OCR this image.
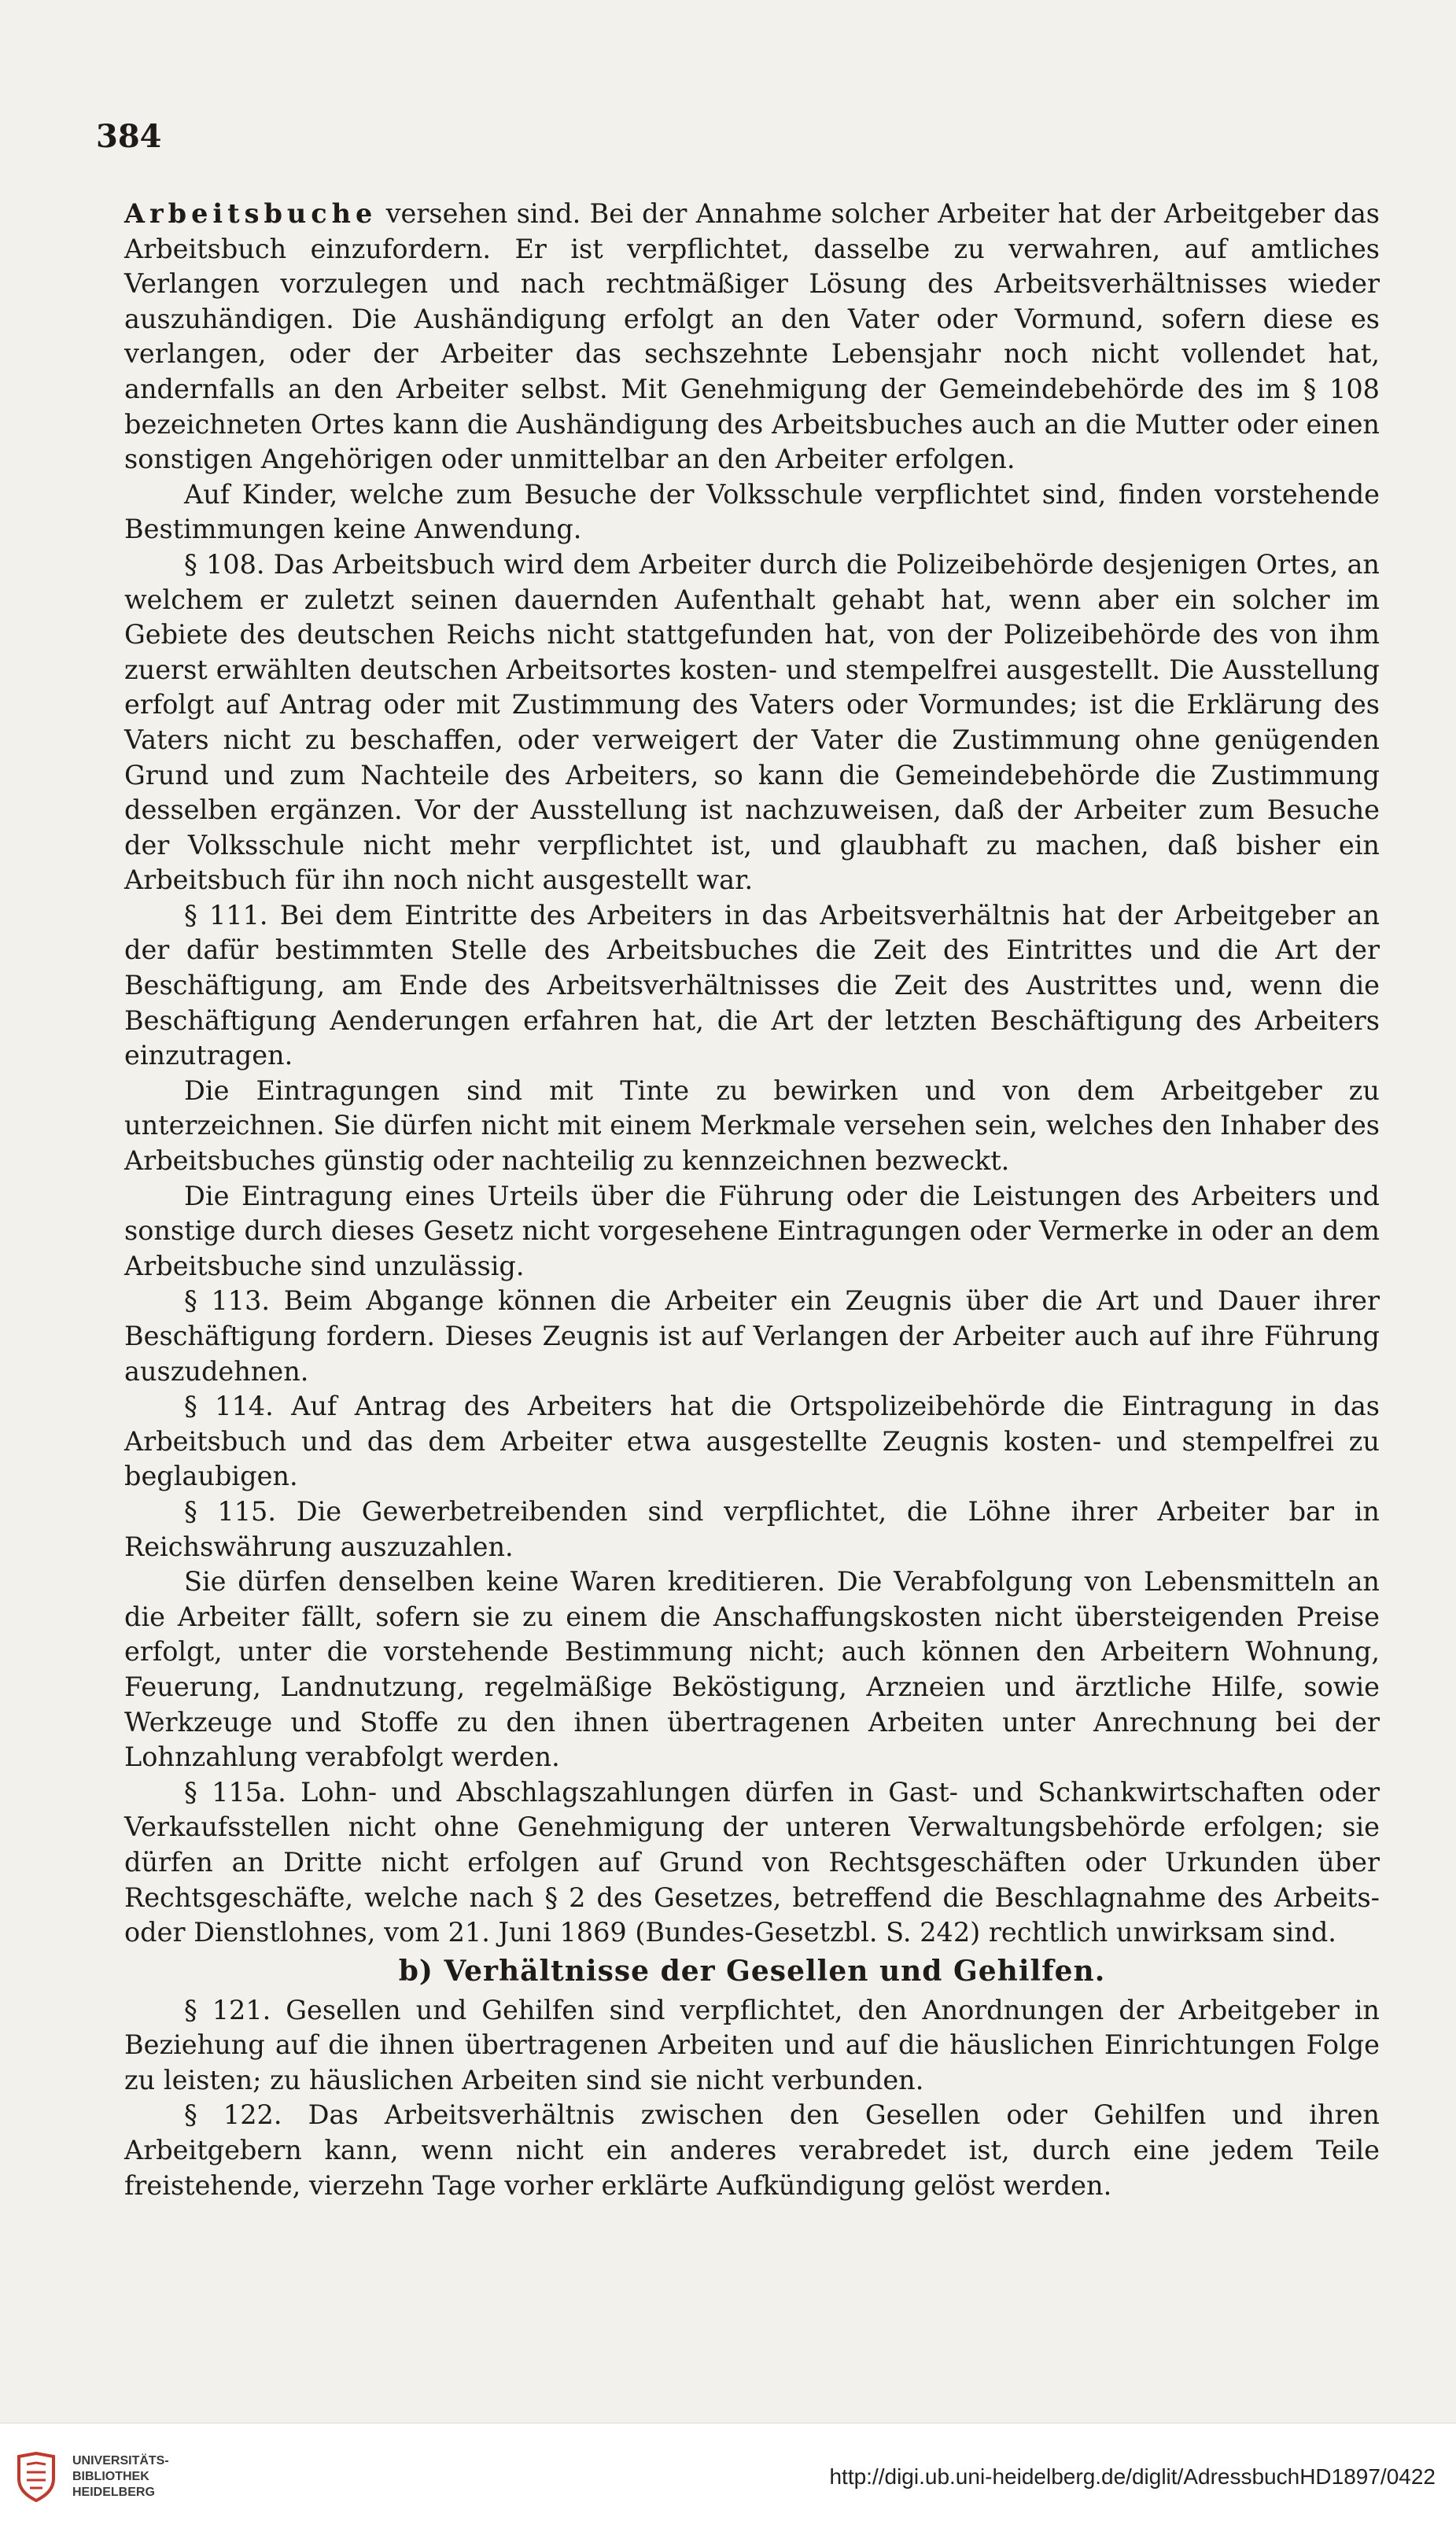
384

Arbeitsbuche versehen sind. Bei der Annahme solcher Arbeiter hat der Arbeitgeber das Arbeitsbuch einzufordern. Er ist verpflichtet, dasselbe zu verwahren, auf amtliches Verlangen vorzulegen und nach rechtmäßiger Lösung des Arbeitsverhältnisses wieder auszuhändigen. Die Aushändigung erfolgt an den Vater oder Vormund, sofern diese es verlangen, oder der Arbeiter das sechszehnte Lebensjahr noch nicht vollendet hat, andernfalls an den Arbeiter selbst. Mit Genehmigung der Gemeindebehörde des im § 108 bezeichneten Ortes kann die Aushändigung des Arbeitsbuches auch an die Mutter oder einen sonstigen Angehörigen oder unmittelbar an den Arbeiter erfolgen.

Auf Kinder, welche zum Besuche der Volksschule verpflichtet sind, finden vorstehende Bestimmungen keine Anwendung.

§ 108. Das Arbeitsbuch wird dem Arbeiter durch die Polizeibehörde desjenigen Ortes, an welchem er zuletzt seinen dauernden Aufenthalt gehabt hat, wenn aber ein solcher im Gebiete des deutschen Reichs nicht stattgefunden hat, von der Polizeibehörde des von ihm zuerst erwählten deutschen Arbeitsortes kosten- und stempelfrei ausgestellt. Die Ausstellung erfolgt auf Antrag oder mit Zustimmung des Vaters oder Vormundes; ist die Erklärung des Vaters nicht zu beschaffen, oder verweigert der Vater die Zustimmung ohne genügenden Grund und zum Nachteile des Arbeiters, so kann die Gemeindebehörde die Zustimmung desselben ergänzen. Vor der Ausstellung ist nachzuweisen, daß der Arbeiter zum Besuche der Volksschule nicht mehr verpflichtet ist, und glaubhaft zu machen, daß bisher ein Arbeitsbuch für ihn noch nicht ausgestellt war.

§ 111. Bei dem Eintritte des Arbeiters in das Arbeitsverhältnis hat der Arbeitgeber an der dafür bestimmten Stelle des Arbeitsbuches die Zeit des Eintrittes und die Art der Beschäftigung, am Ende des Arbeitsverhältnisses die Zeit des Austrittes und, wenn die Beschäftigung Aenderungen erfahren hat, die Art der letzten Beschäftigung des Arbeiters einzutragen.

Die Eintragungen sind mit Tinte zu bewirken und von dem Arbeitgeber zu unterzeichnen. Sie dürfen nicht mit einem Merkmale versehen sein, welches den Inhaber des Arbeitsbuches günstig oder nachteilig zu kennzeichnen bezweckt.

Die Eintragung eines Urteils über die Führung oder die Leistungen des Arbeiters und sonstige durch dieses Gesetz nicht vorgesehene Eintragungen oder Vermerke in oder an dem Arbeitsbuche sind unzulässig.

§ 113. Beim Abgange können die Arbeiter ein Zeugnis über die Art und Dauer ihrer Beschäftigung fordern. Dieses Zeugnis ist auf Verlangen der Arbeiter auch auf ihre Führung auszudehnen.

§ 114. Auf Antrag des Arbeiters hat die Ortspolizeibehörde die Eintragung in das Arbeitsbuch und das dem Arbeiter etwa ausgestellte Zeugnis kosten- und stempelfrei zu beglaubigen.

§ 115. Die Gewerbetreibenden sind verpflichtet, die Löhne ihrer Arbeiter bar in Reichswährung auszuzahlen.

Sie dürfen denselben keine Waren kreditieren. Die Verabfolgung von Lebensmitteln an die Arbeiter fällt, sofern sie zu einem die Anschaffungskosten nicht übersteigenden Preise erfolgt, unter die vorstehende Bestimmung nicht; auch können den Arbeitern Wohnung, Feuerung, Landnutzung, regelmäßige Beköstigung, Arzneien und ärztliche Hilfe, sowie Werkzeuge und Stoffe zu den ihnen übertragenen Arbeiten unter Anrechnung bei der Lohnzahlung verabfolgt werden.

§ 115a. Lohn- und Abschlagszahlungen dürfen in Gast- und Schankwirtschaften oder Verkaufsstellen nicht ohne Genehmigung der unteren Verwaltungsbehörde erfolgen; sie dürfen an Dritte nicht erfolgen auf Grund von Rechtsgeschäften oder Urkunden über Rechtsgeschäfte, welche nach § 2 des Gesetzes, betreffend die Beschlagnahme des Arbeits- oder Dienstlohnes, vom 21. Juni 1869 (Bundes-Gesetzbl. S. 242) rechtlich unwirksam sind.

b) Verhältnisse der Gesellen und Gehilfen.

§ 121. Gesellen und Gehilfen sind verpflichtet, den Anordnungen der Arbeitgeber in Beziehung auf die ihnen übertragenen Arbeiten und auf die häuslichen Einrichtungen Folge zu leisten; zu häuslichen Arbeiten sind sie nicht verbunden.

§ 122. Das Arbeitsverhältnis zwischen den Gesellen oder Gehilfen und ihren Arbeitgebern kann, wenn nicht ein anderes verabredet ist, durch eine jedem Teile freistehende, vierzehn Tage vorher erklärte Aufkündigung gelöst werden.

UNIVERSITÄTS-
BIBLIOTHEK
HEIDELBERG
http://digi.ub.uni-heidelberg.de/diglit/AdressbuchHD1897/0422
